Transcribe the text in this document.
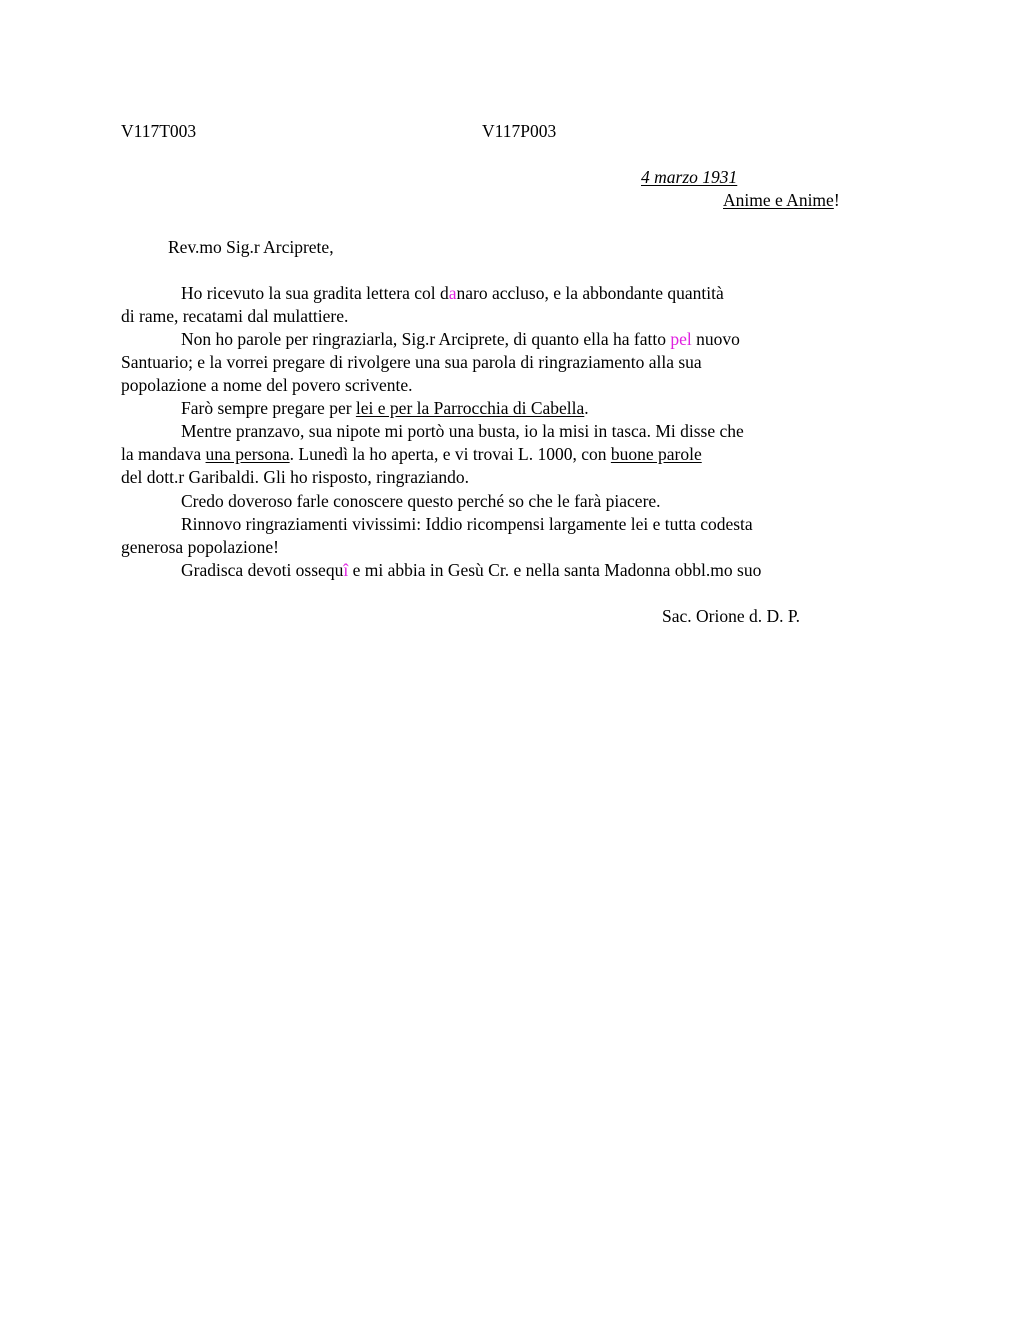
V117T003	V117P003
4 marzo 1931
Anime e Anime!
Rev.mo Sig.r Arciprete,
Ho ricevuto la sua gradita lettera col danaro accluso, e la abbondante quantità
di rame, recatami dal mulattiere.
Non ho parole per ringraziarla, Sig.r Arciprete, di quanto ella ha fatto pel nuovo
Santuario; e la vorrei pregare di rivolgere una sua parola di ringraziamento alla sua
popolazione a nome del povero scrivente.
Farò sempre pregare per lei e per la Parrocchia di Cabella.
Mentre pranzavo, sua nipote mi portò una busta, io la misi in tasca. Mi disse che
la mandava una persona. Lunedì la ho aperta, e vi trovai L. 1000, con buone parole
del dott.r Garibaldi. Gli ho risposto, ringraziando.
Credo doveroso farle conoscere questo perché so che le farà piacere.
Rinnovo ringraziamenti vivissimi: Iddio ricompensi largamente lei e tutta codesta
generosa popolazione!
Gradisca devoti ossequî e mi abbia in Gesù Cr. e nella santa Madonna obbl.mo suo
Sac. Orione d. D. P.
